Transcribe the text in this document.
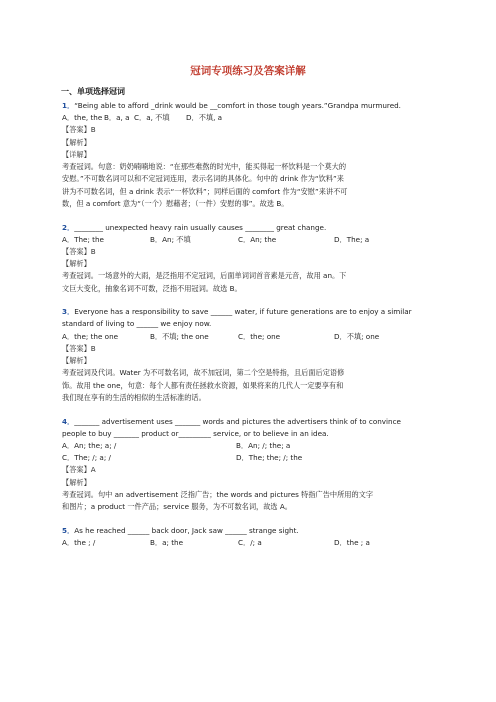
冠词专项练习及答案详解
一、单项选择冠词
1．“Being able to afford _drink would be __comfort in those tough years.”Grandpa murmured.
A．the, the B．a, a C．a, 不填	D．不填, a
【答案】B
【解析】
【详解】

考查冠词。句意：奶奶喃喃地说：“在那些难熬的时光中，能买得起一杯饮料是一个莫大的

安慰。”不可数名词可以和不定冠词连用，表示名词的具体化。句中的 drink 作为“饮料”来

讲为不可数名词，但 a drink 表示“一杯饮料”；同样后面的 comfort 作为“安慰”来讲不可

数，但 a comfort 意为“（一个）慰藉者；（一件）安慰的事”。故选 B。

2．________ unexpected heavy rain usually causes ________ great change.
A．The; the	B．An; 不填	C．An; the	D．The; a
【答案】B
【解析】

考查冠词。一场意外的大雨，是泛指用不定冠词，后面单词词首音素是元音，故用 an。下

文巨大变化，抽象名词不可数，泛指不用冠词。故选 B。

3．Everyone has a responsibility to save ______ water, if future generations are to enjoy a similar
standard of living to ______ we enjoy now.
A．the; the one	B．不填; the one	C．the; one	D．不填; one
【答案】B
【解析】

考查冠词及代词。Water 为不可数名词，故不加冠词，第二个空是特指，且后面后定语修

饰。故用 the one，句意：每个人都有责任拯救水资源，如果将来的几代人一定要享有和

我们现在享有的生活的相似的生活标准的话。

4．_______ advertisement uses _______ words and pictures the advertisers think of to convince
people to buy _______ product or_________ service, or to believe in an idea.
A．An; the; a; /	B．An; /; the; a
C．The; /; a; /	D．The; the; /; the
【答案】A
【解析】

考查冠词。句中 an advertisement 泛指广告；the words and pictures 特指广告中所用的文字

和图片；a product 一件产品；service 服务，为不可数名词，故选 A。

5．As he reached ______ back door, Jack saw ______ strange sight.
A．the ; /	B．a; the	C．/; a	D．the ; a
